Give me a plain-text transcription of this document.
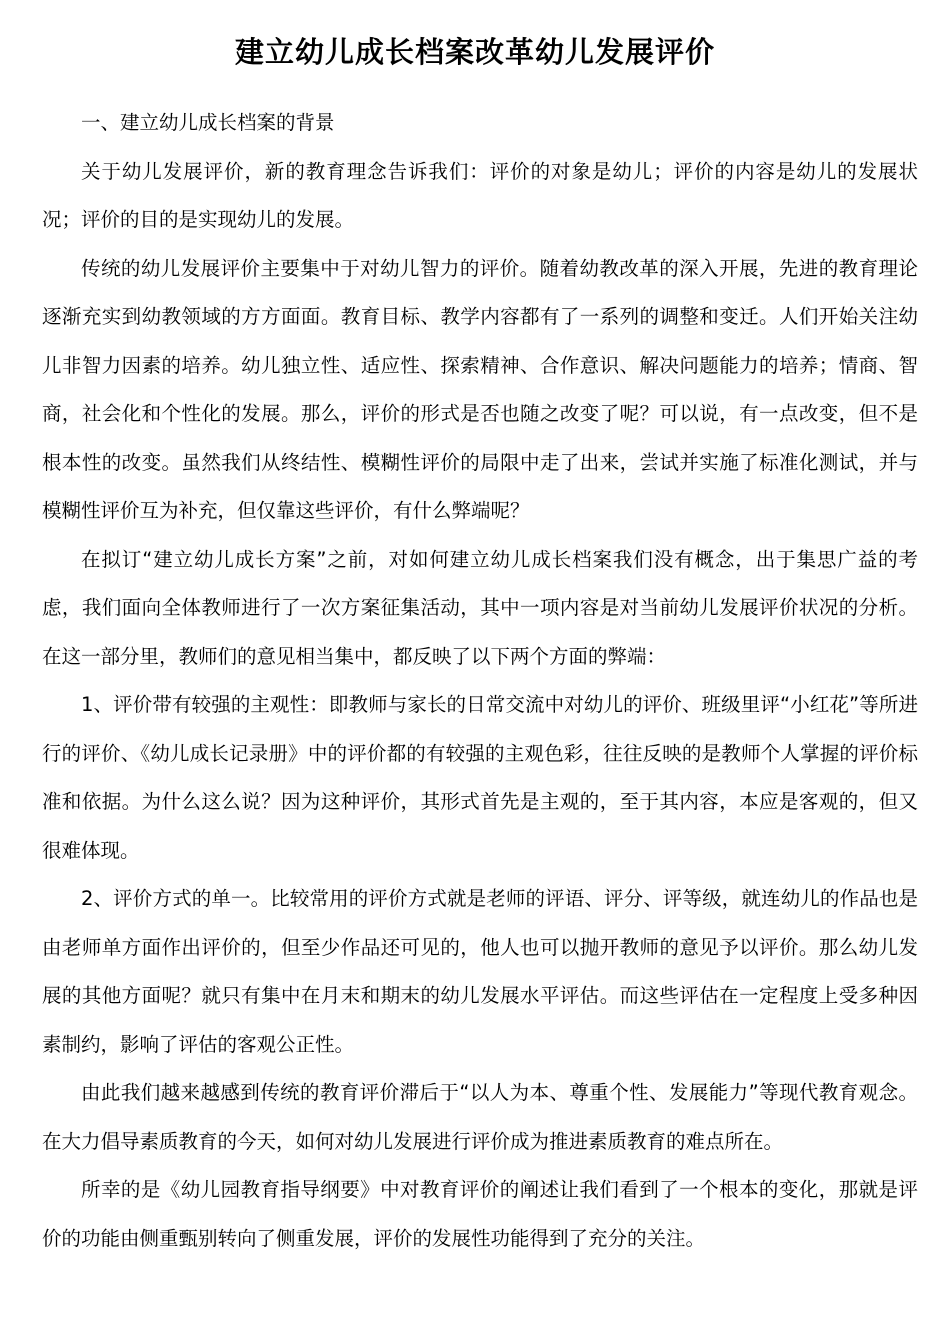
建立幼儿成长档案改革幼儿发展评价

一、建立幼儿成长档案的背景

关于幼儿发展评价，新的教育理念告诉我们：评价的对象是幼儿；评价的内容是幼儿的发展状况；评价的目的是实现幼儿的发展。

传统的幼儿发展评价主要集中于对幼儿智力的评价。随着幼教改革的深入开展，先进的教育理论逐渐充实到幼教领域的方方面面。教育目标、教学内容都有了一系列的调整和变迁。人们开始关注幼儿非智力因素的培养。幼儿独立性、适应性、探索精神、合作意识、解决问题能力的培养；情商、智商，社会化和个性化的发展。那么，评价的形式是否也随之改变了呢？可以说，有一点改变，但不是根本性的改变。虽然我们从终结性、模糊性评价的局限中走了出来，尝试并实施了标准化测试，并与模糊性评价互为补充，但仅靠这些评价，有什么弊端呢？

在拟订“建立幼儿成长方案”之前，对如何建立幼儿成长档案我们没有概念，出于集思广益的考虑，我们面向全体教师进行了一次方案征集活动，其中一项内容是对当前幼儿发展评价状况的分析。在这一部分里，教师们的意见相当集中，都反映了以下两个方面的弊端：

1、评价带有较强的主观性：即教师与家长的日常交流中对幼儿的评价、班级里评“小红花”等所进行的评价、《幼儿成长记录册》中的评价都的有较强的主观色彩，往往反映的是教师个人掌握的评价标准和依据。为什么这么说？因为这种评价，其形式首先是主观的，至于其内容，本应是客观的，但又很难体现。

2、评价方式的单一。比较常用的评价方式就是老师的评语、评分、评等级，就连幼儿的作品也是由老师单方面作出评价的，但至少作品还可见的，他人也可以抛开教师的意见予以评价。那么幼儿发展的其他方面呢？就只有集中在月末和期末的幼儿发展水平评估。而这些评估在一定程度上受多种因素制约，影响了评估的客观公正性。

由此我们越来越感到传统的教育评价滞后于“以人为本、尊重个性、发展能力”等现代教育观念。在大力倡导素质教育的今天，如何对幼儿发展进行评价成为推进素质教育的难点所在。

所幸的是《幼儿园教育指导纲要》中对教育评价的阐述让我们看到了一个根本的变化，那就是评价的功能由侧重甄别转向了侧重发展，评价的发展性功能得到了充分的关注。
